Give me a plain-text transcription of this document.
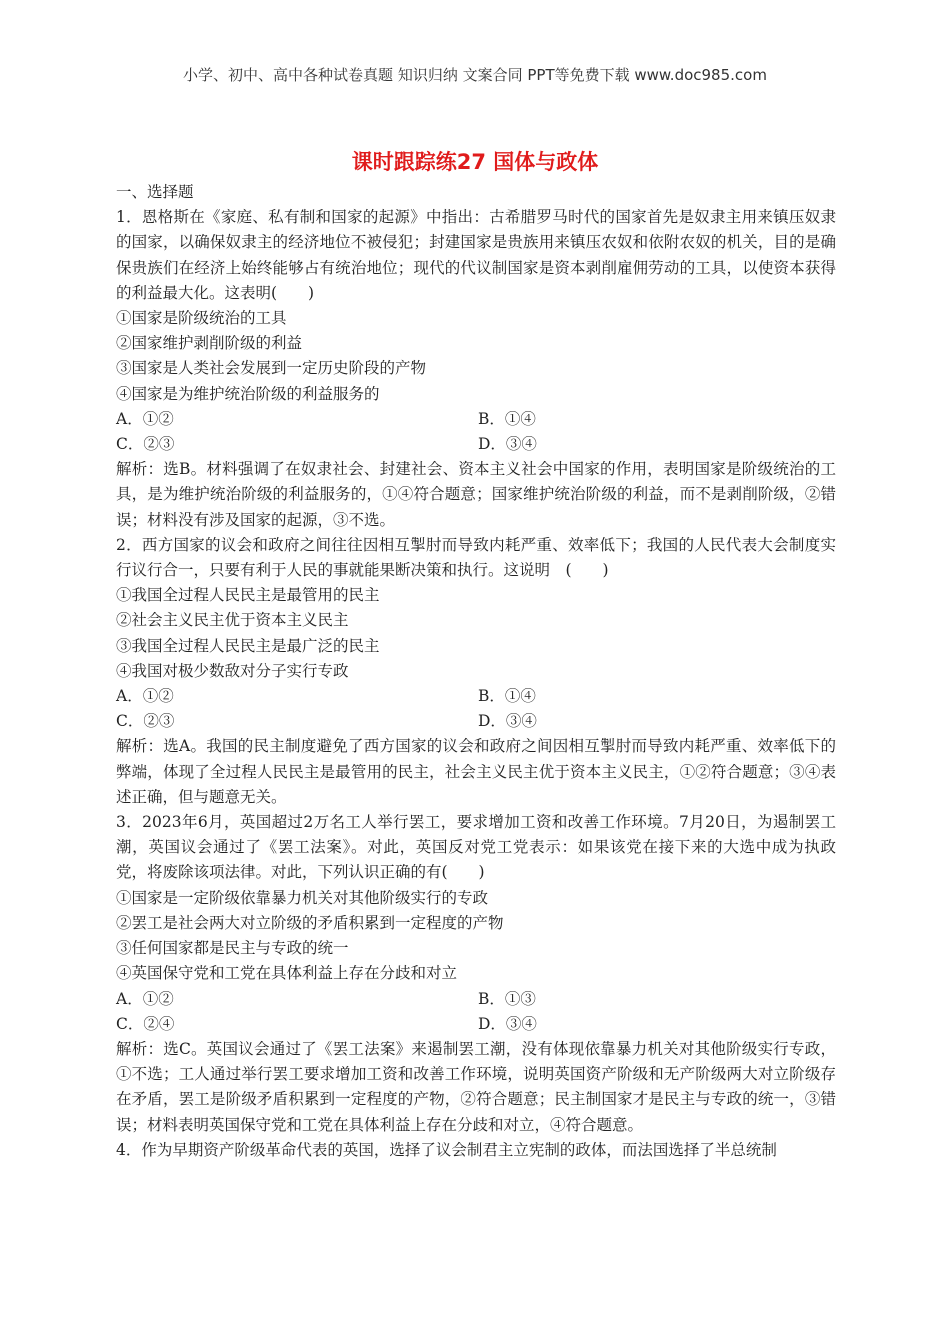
小学、初中、高中各种试卷真题 知识归纳 文案合同 PPT等免费下载 www.doc985.com
课时跟踪练27 国体与政体
一、选择题
1．恩格斯在《家庭、私有制和国家的起源》中指出：古希腊罗马时代的国家首先是奴隶主用来镇压奴隶的国家，以确保奴隶主的经济地位不被侵犯；封建国家是贵族用来镇压农奴和依附农奴的机关，目的是确保贵族们在经济上始终能够占有统治地位；现代的代议制国家是资本剥削雇佣劳动的工具，以使资本获得的利益最大化。这表明(　　)
①国家是阶级统治的工具
②国家维护剥削阶级的利益
③国家是人类社会发展到一定历史阶段的产物
④国家是为维护统治阶级的利益服务的
A．①②	B．①④
C．②③	D．③④
解析：选B。材料强调了在奴隶社会、封建社会、资本主义社会中国家的作用，表明国家是阶级统治的工具，是为维护统治阶级的利益服务的，①④符合题意；国家维护统治阶级的利益，而不是剥削阶级，②错误；材料没有涉及国家的起源，③不选。
2．西方国家的议会和政府之间往往因相互掣肘而导致内耗严重、效率低下；我国的人民代表大会制度实行议行合一，只要有利于人民的事就能果断决策和执行。这说明　(　　)
①我国全过程人民民主是最管用的民主
②社会主义民主优于资本主义民主
③我国全过程人民民主是最广泛的民主
④我国对极少数敌对分子实行专政
A．①②	B．①④
C．②③	D．③④
解析：选A。我国的民主制度避免了西方国家的议会和政府之间因相互掣肘而导致内耗严重、效率低下的弊端，体现了全过程人民民主是最管用的民主，社会主义民主优于资本主义民主，①②符合题意；③④表述正确，但与题意无关。
3．2023年6月，英国超过2万名工人举行罢工，要求增加工资和改善工作环境。7月20日，为遏制罢工潮，英国议会通过了《罢工法案》。对此，英国反对党工党表示：如果该党在接下来的大选中成为执政党，将废除该项法律。对此，下列认识正确的有(　　)
①国家是一定阶级依靠暴力机关对其他阶级实行的专政
②罢工是社会两大对立阶级的矛盾积累到一定程度的产物
③任何国家都是民主与专政的统一
④英国保守党和工党在具体利益上存在分歧和对立
A．①②	B．①③
C．②④	D．③④
解析：选C。英国议会通过了《罢工法案》来遏制罢工潮，没有体现依靠暴力机关对其他阶级实行专政，①不选；工人通过举行罢工要求增加工资和改善工作环境，说明英国资产阶级和无产阶级两大对立阶级存在矛盾，罢工是阶级矛盾积累到一定程度的产物，②符合题意；民主制国家才是民主与专政的统一，③错误；材料表明英国保守党和工党在具体利益上存在分歧和对立，④符合题意。
4．作为早期资产阶级革命代表的英国，选择了议会制君主立宪制的政体，而法国选择了半总统制
